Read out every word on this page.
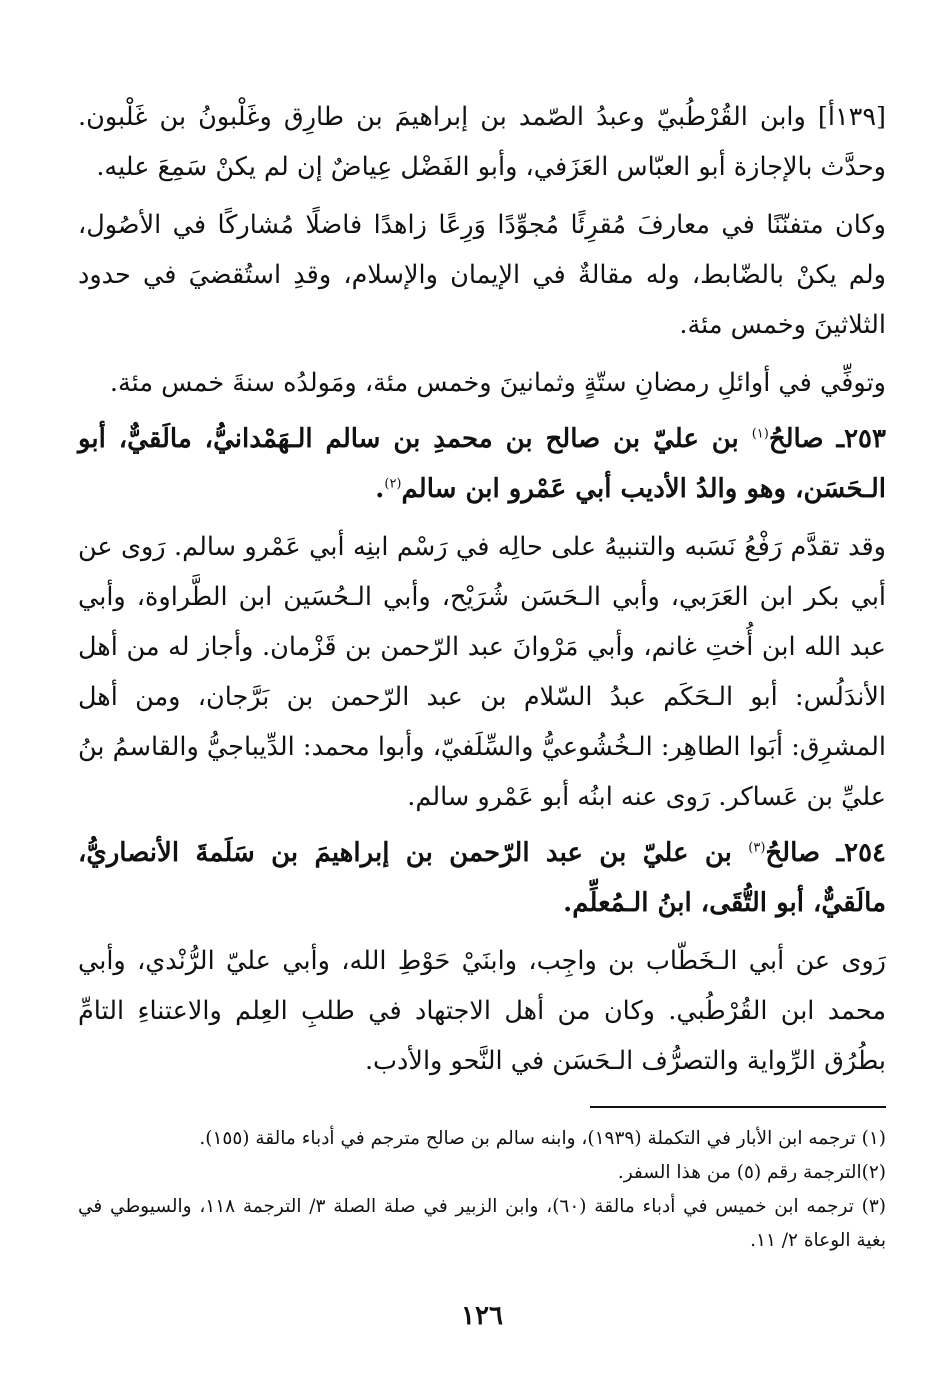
[١٣٩أ] وابن القُرْطُبيّ وعبدُ الصّمد بن إبراهيمَ بن طارِق وغَلْبونُ بن غَلْبون. وحدَّث بالإجازة أبو العبّاس العَزَفي، وأبو الفَضْل عِياضٌ إن لم يكنْ سَمِعَ عليه.

وكان متفنّنًا في معارفَ مُقرِئًا مُجوِّدًا وَرِعًا زاهدًا فاضلًا مُشاركًا في الأصُول، ولم يكنْ بالضّابط، وله مقالةٌ في الإيمان والإسلام، وقدِ استُقضيَ في حدود الثلاثينَ وخمس مئة.

وتوفِّي في أوائلِ رمضانِ ستّةٍ وثمانينَ وخمس مئة، ومَولدُه سنةَ خمس مئة.

٢٥٣ـ صالحُ$^{(١)}$ بن عليّ بن صالح بن محمدِ بن سالم الـهَمْدانيُّ، مالَقيٌّ، أبو الـحَسَن، وهو والدُ الأديب أبي عَمْرو ابن سالم$^{(٢)}$.

وقد تقدَّم رَفْعُ نَسَبه والتنبيهُ على حالِه في رَسْم ابنِه أبي عَمْرو سالم. رَوى عن أبي بكر ابن العَرَبي، وأبي الـحَسَن شُرَيْح، وأبي الـحُسَين ابن الطَّراوة، وأبي عبد الله ابن أُختِ غانم، وأبي مَرْوانَ عبد الرّحمن بن قَزْمان. وأجاز له من أهل الأندَلُس: أبو الـحَكَم عبدُ السّلام بن عبد الرّحمن بن بَرَّجان، ومن أهل المشرِق: أبَوا الطاهِر: الـخُشُوعيُّ والسِّلَفيّ، وأبوا محمد: الدِّيباجيُّ والقاسمُ بنُ عليِّ بن عَساكر. رَوى عنه ابنُه أبو عَمْرو سالم.

٢٥٤ـ صالحُ$^{(٣)}$ بن عليّ بن عبد الرّحمن بن إبراهيمَ بن سَلَمةَ الأنصاريُّ، مالَقيٌّ، أبو التُّقَى، ابنُ الـمُعلِّم.

رَوى عن أبي الـخَطّاب بن واجِب، وابنَيْ حَوْطِ الله، وأبي عليّ الرُّنْدي، وأبي محمد ابن القُرْطُبي. وكان من أهل الاجتهاد في طلبِ العِلم والاعتناءِ التامِّ بطُرُق الرِّواية والتصرُّف الـحَسَن في النَّحو والأدب.

(١) ترجمه ابن الأبار في التكملة (١٩٣٩)، وابنه سالم بن صالح مترجم في أدباء مالقة (١٥٥).

(٢)الترجمة رقم (٥) من هذا السفر.

(٣) ترجمه ابن خميس في أدباء مالقة (٦٠)، وابن الزبير في صلة الصلة ٣/ الترجمة ١١٨، والسيوطي في بغية الوعاة ٢/ ١١.

١٢٦
